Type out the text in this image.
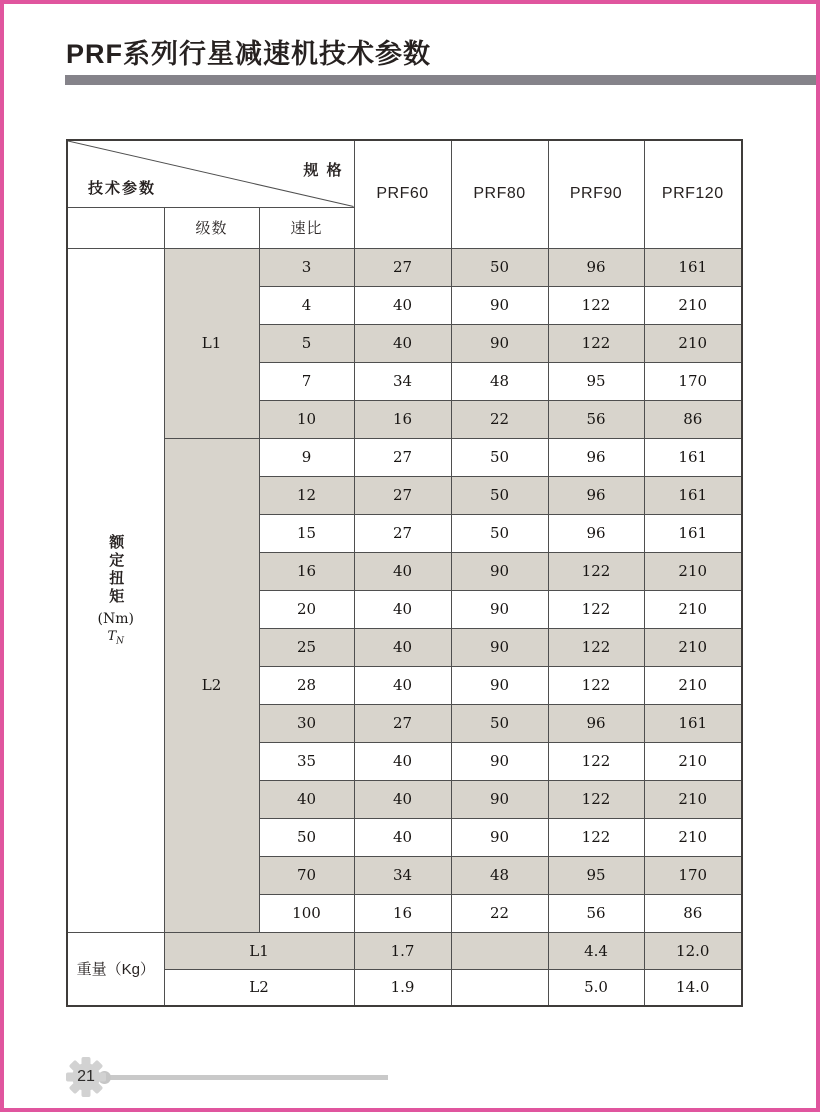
PRF系列行星减速机技术参数
规 格
技术参数			PRF60	PRF80	PRF90	PRF120
	级数	速比				

额定扭矩
(Nm)
$T_N$	L1	3	27	50	96	161
		4	40	90	122	210
		5	40	90	122	210
		7	34	48	95	170
		10	16	22	56	86
	L2	9	27	50	96	161
		12	27	50	96	161
		15	27	50	96	161
		16	40	90	122	210
		20	40	90	122	210
		25	40	90	122	210
		28	40	90	122	210
		30	27	50	96	161
		35	40	90	122	210
		40	40	90	122	210
		50	40	90	122	210
		70	34	48	95	170
		100	16	22	56	86
重量（Kg）	L1		1.7		4.4	12.0
	L2		1.9		5.0	14.0
21
